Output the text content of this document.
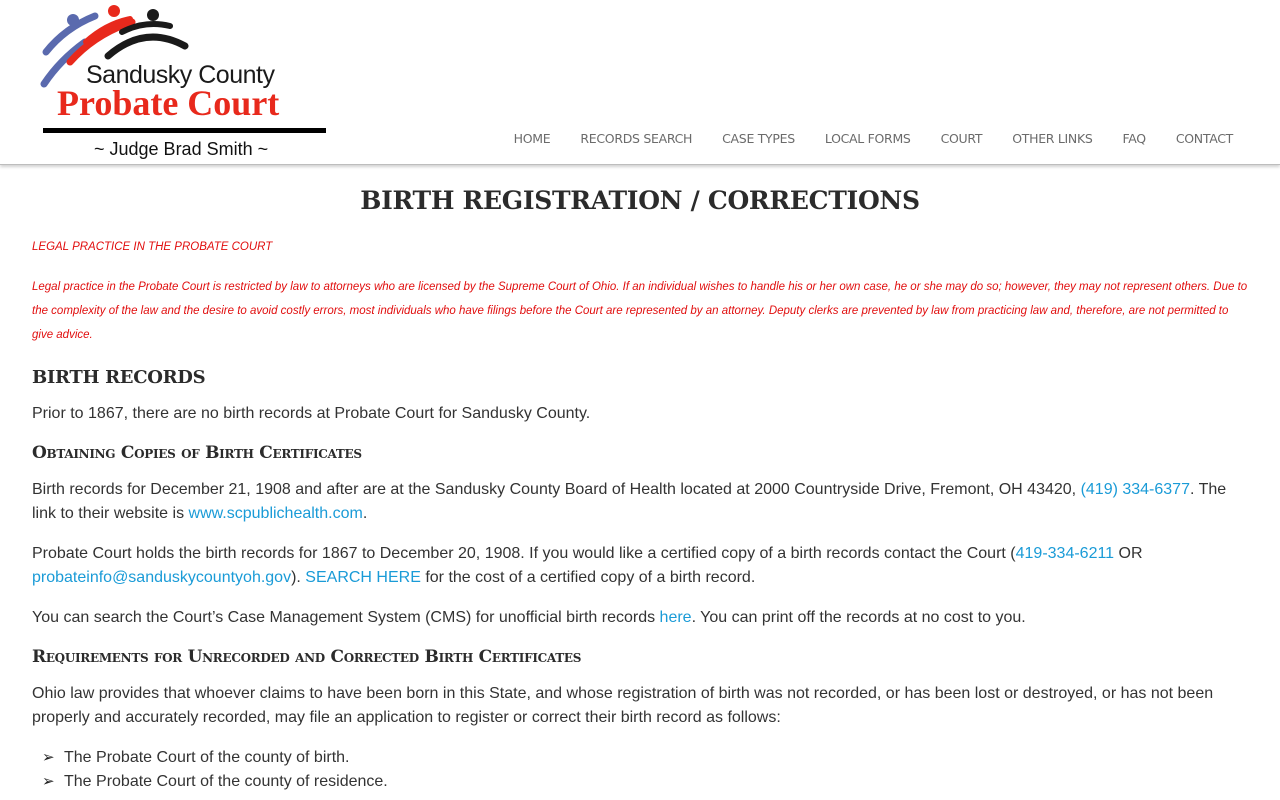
Sandusky County
Probate Court
~ Judge Brad Smith ~
HOME RECORDS SEARCH CASE TYPES LOCAL FORMS COURT OTHER LINKS FAQ CONTACT
BIRTH REGISTRATION / CORRECTIONS

LEGAL PRACTICE IN THE PROBATE COURT

Legal practice in the Probate Court is restricted by law to attorneys who are licensed by the Supreme Court of Ohio. If an individual wishes to handle his or her own case, he or she may do so; however, they may not represent others. Due to the complexity of the law and the desire to avoid costly errors, most individuals who have filings before the Court are represented by an attorney. Deputy clerks are prevented by law from practicing law and, therefore, are not permitted to give advice.

BIRTH RECORDS

Prior to 1867, there are no birth records at Probate Court for Sandusky County.

Obtaining Copies of Birth Certificates

Birth records for December 21, 1908 and after are at the Sandusky County Board of Health located at 2000 Countryside Drive, Fremont, OH 43420, (419) 334-6377. The link to their website is www.scpublichealth.com.

Probate Court holds the birth records for 1867 to December 20, 1908. If you would like a certified copy of a birth records contact the Court (419-334-6211 OR probateinfo@sanduskycountyoh.gov). SEARCH HERE for the cost of a certified copy of a birth record.

You can search the Court’s Case Management System (CMS) for unofficial birth records here. You can print off the records at no cost to you.

Requirements for Unrecorded and Corrected Birth Certificates

Ohio law provides that whoever claims to have been born in this State, and whose registration of birth was not recorded, or has been lost or destroyed, or has not been properly and accurately recorded, may file an application to register or correct their birth record as follows:

➢ The Probate Court of the county of birth.
➢ The Probate Court of the county of residence.
